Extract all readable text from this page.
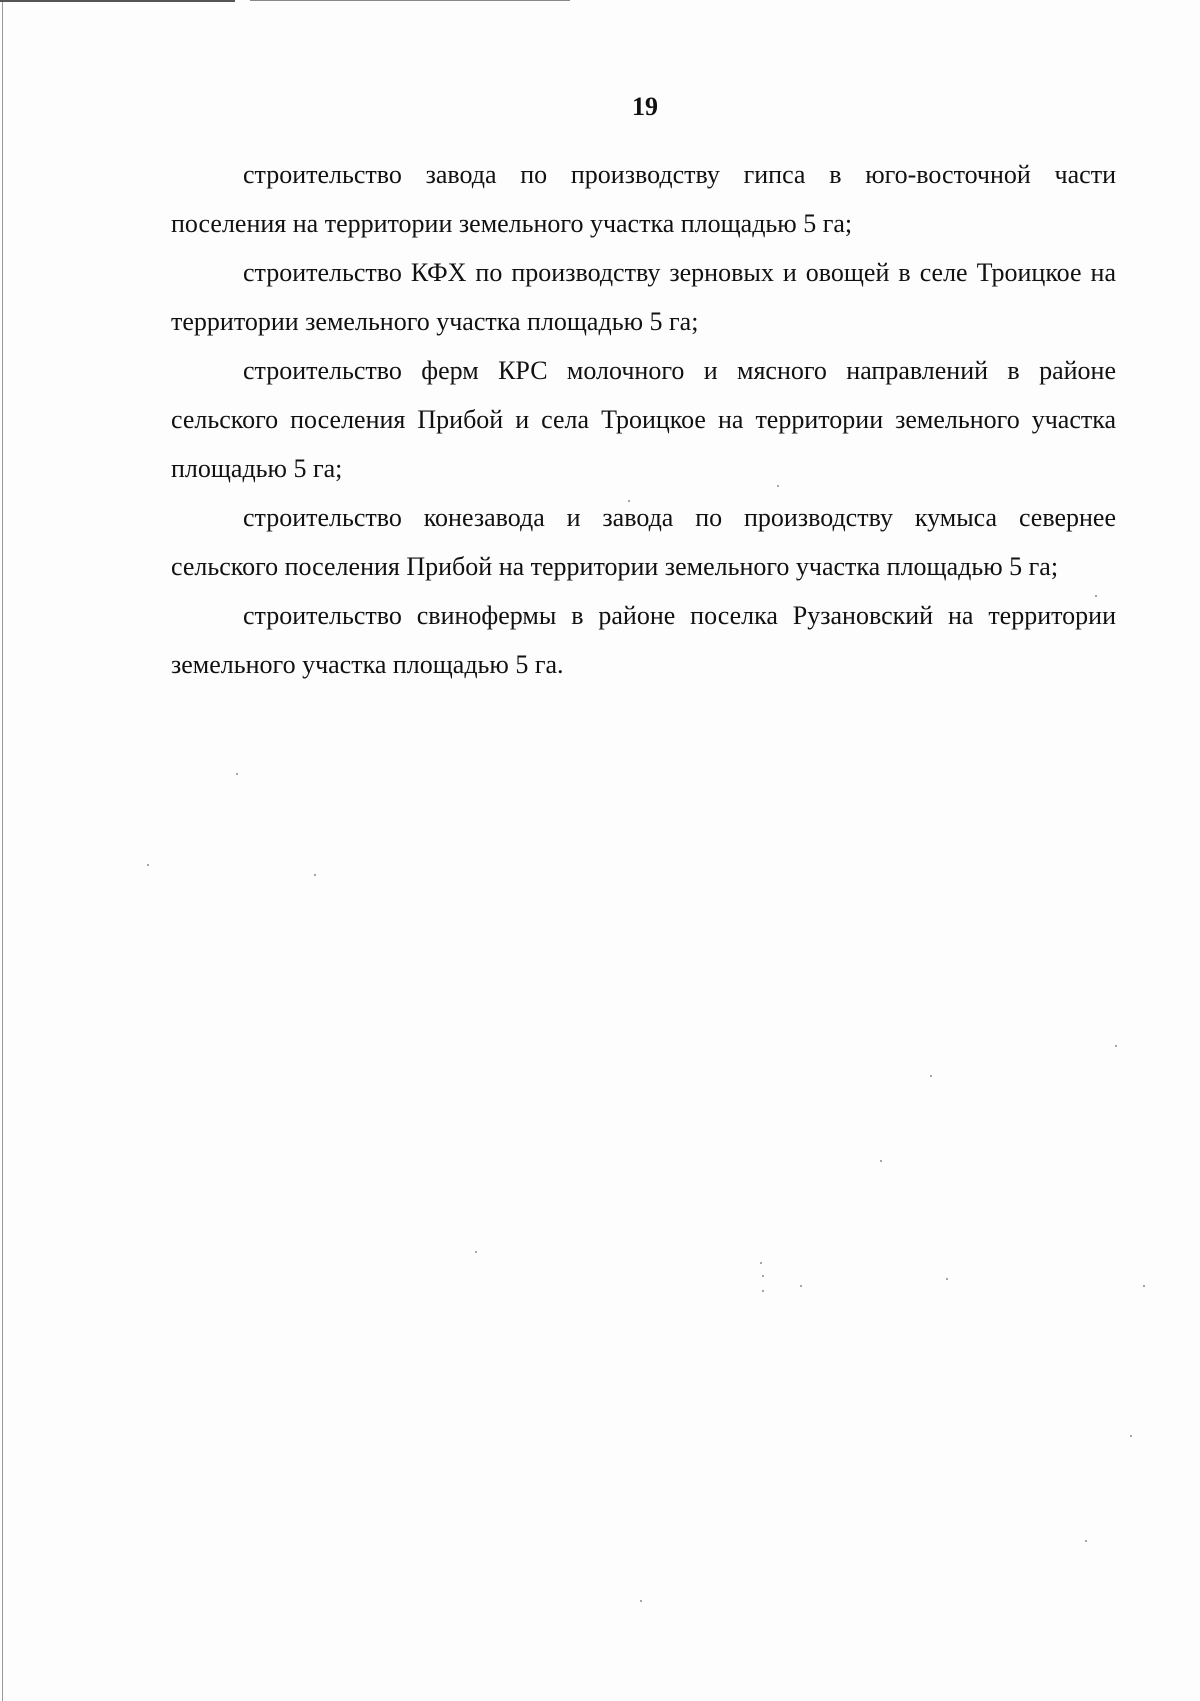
19

строительство завода по производству гипса в юго-восточной части поселения на территории земельного участка площадью 5 га;

строительство КФХ по производству зерновых и овощей в селе Троицкое на территории земельного участка площадью 5 га;

строительство ферм КРС молочного и мясного направлений в районе сельского поселения Прибой и села Троицкое на территории земельного участка площадью 5 га;

строительство конезавода и завода по производству кумыса севернее сельского поселения Прибой на территории земельного участка площадью 5 га;

строительство свинофермы в районе поселка Рузановский на территории земельного участка площадью 5 га.
